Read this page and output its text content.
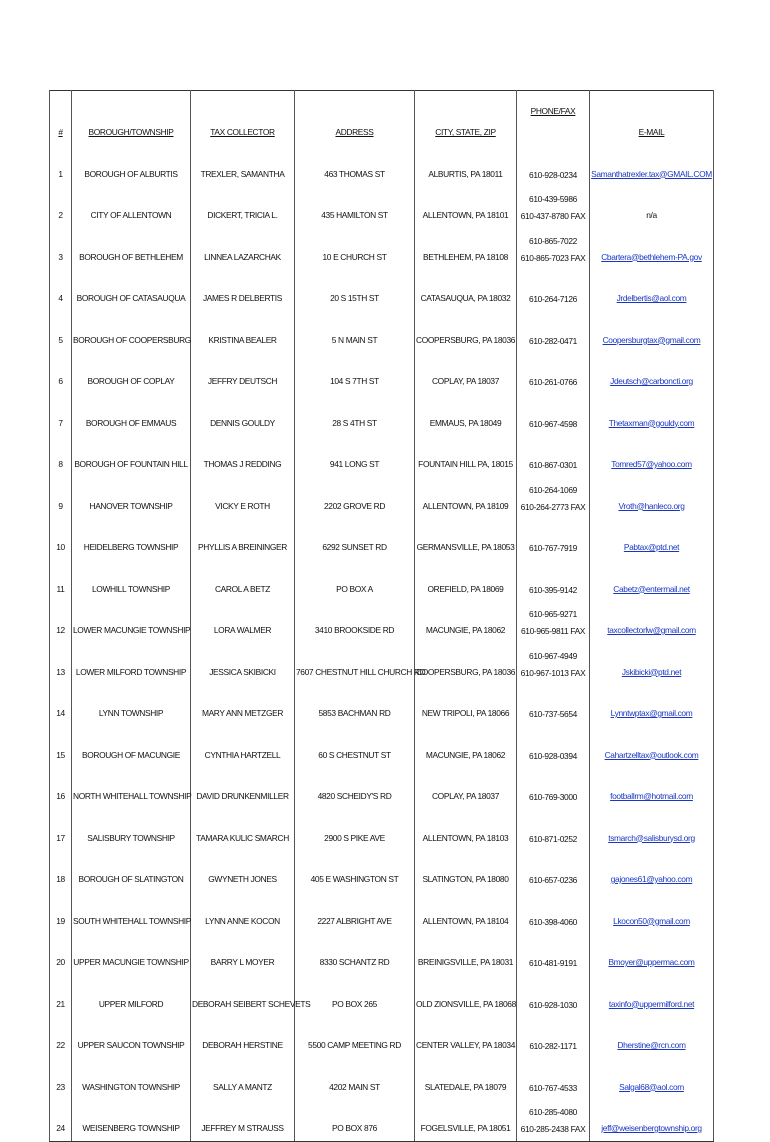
#	BOROUGH/TOWNSHIP	TAX COLLECTOR	ADDRESS	CITY, STATE, ZIP	PHONE/FAX	E-MAIL
1	BOROUGH OF ALBURTIS	TREXLER, SAMANTHA	463 THOMAS ST	ALBURTIS, PA 18011	610-928-0234	Samanthatrexler.tax@GMAIL.COM
2	CITY OF ALLENTOWN	DICKERT, TRICIA L.	435 HAMILTON ST	ALLENTOWN, PA 18101	610-439-5986
610-437-8780 FAX	n/a
3	BOROUGH OF BETHLEHEM	LINNEA LAZARCHAK	10 E CHURCH ST	BETHLEHEM, PA 18108	610-865-7022
610-865-7023 FAX	Cbartera@bethlehem-PA.gov
4	BOROUGH OF CATASAUQUA	JAMES R DELBERTIS	20 S 15TH ST	CATASAUQUA, PA 18032	610-264-7126	Jrdelbertis@aol.com
5	BOROUGH OF COOPERSBURG	KRISTINA BEALER	5 N MAIN ST	COOPERSBURG, PA 18036	610-282-0471	Coopersburgtax@gmail.com
6	BOROUGH OF COPLAY	JEFFRY DEUTSCH	104 S 7TH ST	COPLAY, PA 18037	610-261-0766	Jdeutsch@carboncti.org
7	BOROUGH OF EMMAUS	DENNIS GOULDY	28 S 4TH ST	EMMAUS, PA 18049	610-967-4598	Thetaxman@gouldy.com
8	BOROUGH OF FOUNTAIN HILL	THOMAS J REDDING	941 LONG ST	FOUNTAIN HILL PA, 18015	610-867-0301	Tomred57@yahoo.com
9	HANOVER TOWNSHIP	VICKY E ROTH	2202 GROVE RD	ALLENTOWN, PA 18109	610-264-1069
610-264-2773 FAX	Vroth@hanleco.org
10	HEIDELBERG TOWNSHIP	PHYLLIS A BREININGER	6292 SUNSET RD	GERMANSVILLE, PA 18053	610-767-7919	Pabtax@ptd.net
11	LOWHILL TOWNSHIP	CAROL A BETZ	PO BOX A	OREFIELD, PA 18069	610-395-9142	Cabetz@entermail.net
12	LOWER MACUNGIE TOWNSHIP	LORA WALMER	3410 BROOKSIDE RD	MACUNGIE, PA 18062	610-965-9271
610-965-9811 FAX	taxcollectorlw@gmail.com
13	LOWER MILFORD TOWNSHIP	JESSICA SKIBICKI	7607 CHESTNUT HILL CHURCH RD	COOPERSBURG, PA 18036	610-967-4949
610-967-1013 FAX	Jskibicki@ptd.net
14	LYNN TOWNSHIP	MARY ANN METZGER	5853 BACHMAN RD	NEW TRIPOLI, PA 18066	610-737-5654	Lynntwptax@gmail.com
15	BOROUGH OF MACUNGIE	CYNTHIA HARTZELL	60 S CHESTNUT ST	MACUNGIE, PA 18062	610-928-0394	Cahartzelltax@outlook.com
16	NORTH WHITEHALL TOWNSHIP	DAVID DRUNKENMILLER	4820 SCHEIDY'S RD	COPLAY, PA 18037	610-769-3000	footballrm@hotmail.com
17	SALISBURY TOWNSHIP	TAMARA KULIC SMARCH	2900 S PIKE AVE	ALLENTOWN, PA 18103	610-871-0252	tsmarch@salisburysd.org
18	BOROUGH OF SLATINGTON	GWYNETH JONES	405 E WASHINGTON ST	SLATINGTON, PA 18080	610-657-0236	gajones61@yahoo.com
19	SOUTH WHITEHALL TOWNSHIP	LYNN ANNE KOCON	2227 ALBRIGHT AVE	ALLENTOWN, PA 18104	610-398-4060	Lkocon50@gmail.com
20	UPPER MACUNGIE TOWNSHIP	BARRY L MOYER	8330 SCHANTZ RD	BREINIGSVILLE, PA 18031	610-481-9191	Bmoyer@uppermac.com
21	UPPER MILFORD	DEBORAH SEIBERT SCHEVETS	PO BOX 265	OLD ZIONSVILLE, PA 18068	610-928-1030	taxinfo@uppermilford.net
22	UPPER SAUCON TOWNSHIP	DEBORAH HERSTINE	5500 CAMP MEETING RD	CENTER VALLEY, PA 18034	610-282-1171	Dherstine@rcn.com
23	WASHINGTON TOWNSHIP	SALLY A MANTZ	4202 MAIN ST	SLATEDALE, PA 18079	610-767-4533	Salgal68@aol.com
24	WEISENBERG TOWNSHIP	JEFFREY M STRAUSS	PO BOX 876	FOGELSVILLE, PA 18051	610-285-4080
610-285-2438 FAX	jeff@weisenbergtownship.org
